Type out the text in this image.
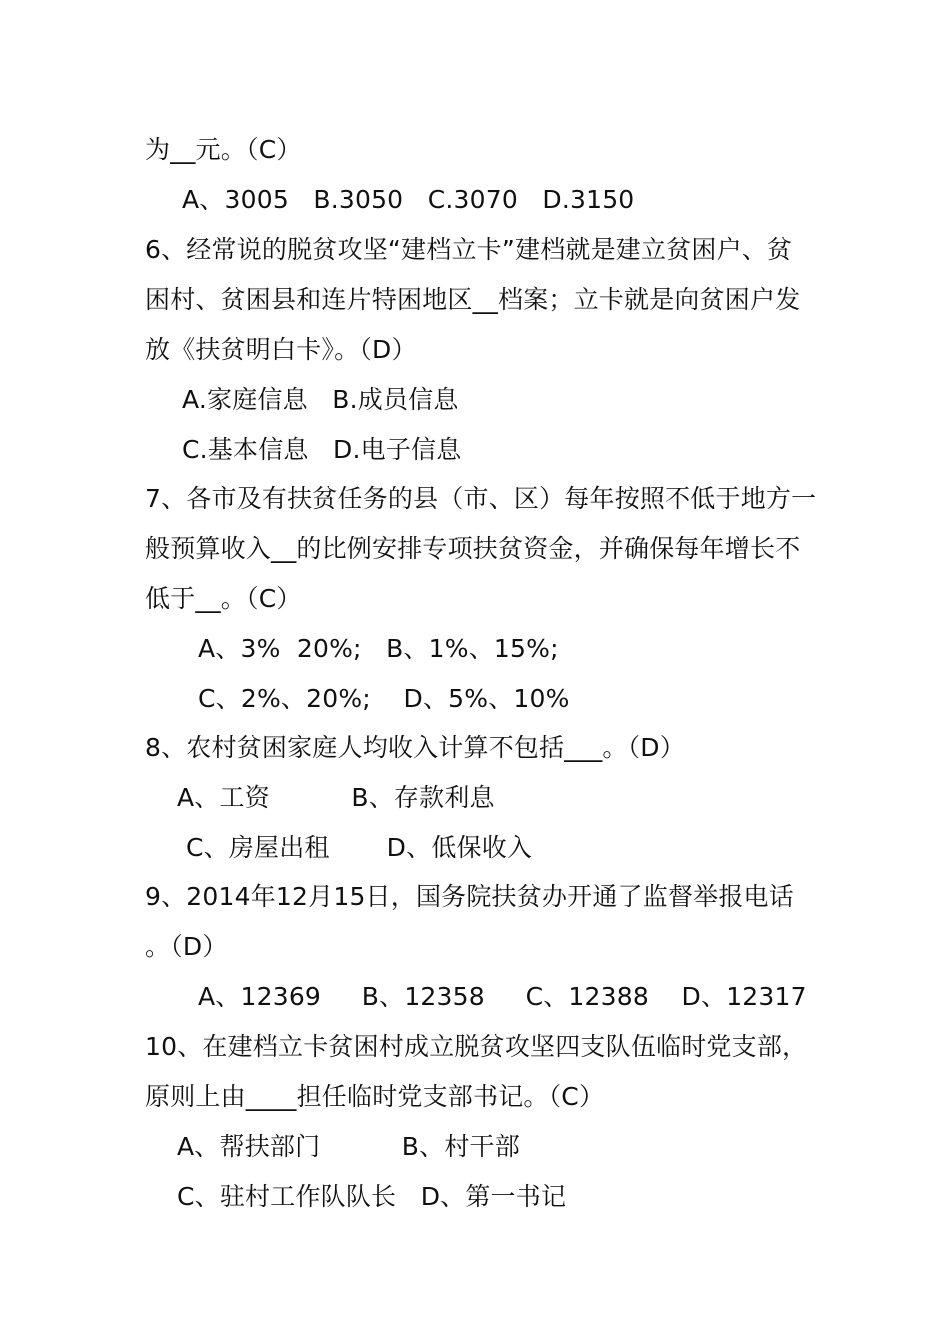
为__元。（C）
A、3005   B.3050   C.3070   D.3150
6、经常说的脱贫攻坚“建档立卡”建档就是建立贫困户、贫
困村、贫困县和连片特困地区__档案；立卡就是向贫困户发
放《扶贫明白卡》。（D）
A.家庭信息   B.成员信息
C.基本信息   D.电子信息
7、各市及有扶贫任务的县（市、区）每年按照不低于地方一
般预算收入__的比例安排专项扶贫资金，并确保每年增长不
低于__。（C）
A、3%  20%;   B、1%、15%;
C、2%、20%;    D、5%、10%
8、农村贫困家庭人均收入计算不包括___。（D）
A、工资          B、存款利息
C、房屋出租       D、低保收入
9、2014年12月15日，国务院扶贫办开通了监督举报电话
。（D）
A、12369     B、12358     C、12388    D、12317
10、在建档立卡贫困村成立脱贫攻坚四支队伍临时党支部，
原则上由____担任临时党支部书记。（C）
A、帮扶部门          B、村干部
C、驻村工作队队长   D、第一书记
